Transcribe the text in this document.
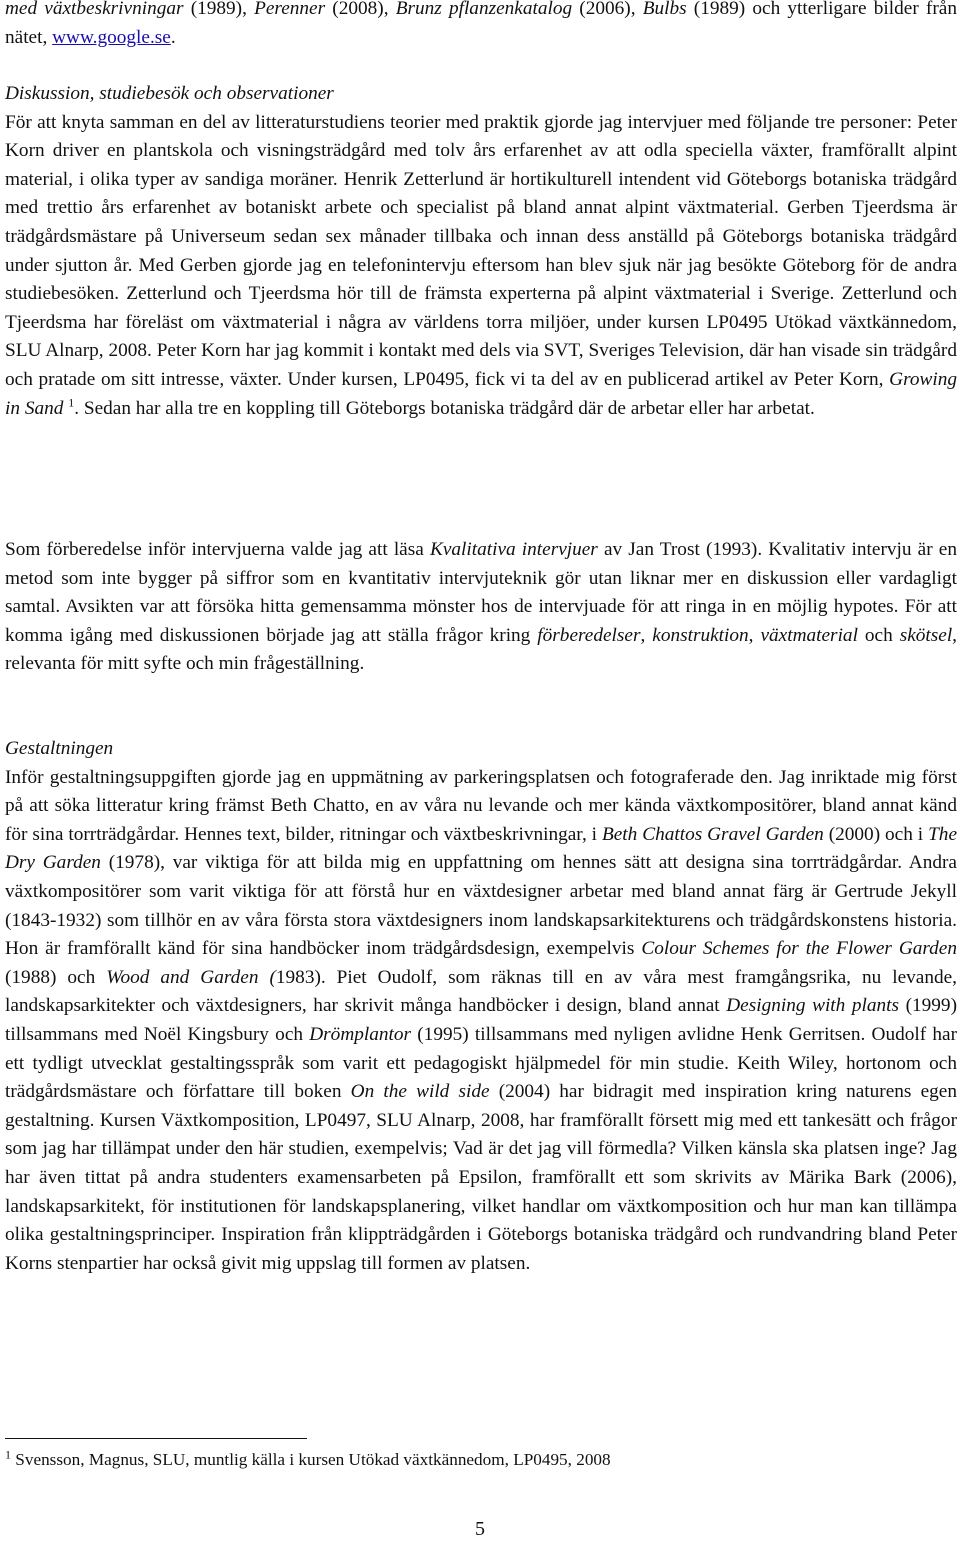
med växtbeskrivningar (1989), Perenner (2008), Brunz pflanzenkatalog (2006), Bulbs (1989) och ytterligare bilder från nätet, www.google.se.

Diskussion, studiebesök och observationer
För att knyta samman en del av litteraturstudiens teorier med praktik gjorde jag intervjuer med följande tre personer: Peter Korn driver en plantskola och visningsträdgård med tolv års erfarenhet av att odla speciella växter, framförallt alpint material, i olika typer av sandiga moräner. Henrik Zetterlund är hortikulturell intendent vid Göteborgs botaniska trädgård med trettio års erfarenhet av botaniskt arbete och specialist på bland annat alpint växtmaterial. Gerben Tjeerdsma är trädgårdsmästare på Universeum sedan sex månader tillbaka och innan dess anställd på Göteborgs botaniska trädgård under sjutton år. Med Gerben gjorde jag en telefonintervju eftersom han blev sjuk när jag besökte Göteborg för de andra studiebesöken. Zetterlund och Tjeerdsma hör till de främsta experterna på alpint växtmaterial i Sverige. Zetterlund och Tjeerdsma har föreläst om växtmaterial i några av världens torra miljöer, under kursen LP0495 Utökad växtkännedom, SLU Alnarp, 2008. Peter Korn har jag kommit i kontakt med dels via SVT, Sveriges Television, där han visade sin trädgård och pratade om sitt intresse, växter. Under kursen, LP0495, fick vi ta del av en publicerad artikel av Peter Korn, Growing in Sand $^1$. Sedan har alla tre en koppling till Göteborgs botaniska trädgård där de arbetar eller har arbetat.

Som förberedelse inför intervjuerna valde jag att läsa Kvalitativa intervjuer av Jan Trost (1993). Kvalitativ intervju är en metod som inte bygger på siffror som en kvantitativ intervjuteknik gör utan liknar mer en diskussion eller vardagligt samtal. Avsikten var att försöka hitta gemensamma mönster hos de intervjuade för att ringa in en möjlig hypotes. För att komma igång med diskussionen började jag att ställa frågor kring förberedelser, konstruktion, växtmaterial och skötsel, relevanta för mitt syfte och min frågeställning.

Gestaltningen
Inför gestaltningsuppgiften gjorde jag en uppmätning av parkeringsplatsen och fotograferade den. Jag inriktade mig först på att söka litteratur kring främst Beth Chatto, en av våra nu levande och mer kända växtkompositörer, bland annat känd för sina torrträdgårdar. Hennes text, bilder, ritningar och växtbeskrivningar, i Beth Chattos Gravel Garden (2000) och i The Dry Garden (1978), var viktiga för att bilda mig en uppfattning om hennes sätt att designa sina torrträdgårdar. Andra växtkompositörer som varit viktiga för att förstå hur en växtdesigner arbetar med bland annat färg är Gertrude Jekyll (1843-1932) som tillhör en av våra första stora växtdesigners inom landskapsarkitekturens och trädgårdskonstens historia. Hon är framförallt känd för sina handböcker inom trädgårdsdesign, exempelvis Colour Schemes for the Flower Garden (1988) och Wood and Garden (1983). Piet Oudolf, som räknas till en av våra mest framgångsrika, nu levande, landskapsarkitekter och växtdesigners, har skrivit många handböcker i design, bland annat Designing with plants (1999) tillsammans med Noël Kingsbury och Drömplantor (1995) tillsammans med nyligen avlidne Henk Gerritsen. Oudolf har ett tydligt utvecklat gestaltingsspråk som varit ett pedagogiskt hjälpmedel för min studie. Keith Wiley, hortonom och trädgårdsmästare och författare till boken On the wild side (2004) har bidragit med inspiration kring naturens egen gestaltning. Kursen Växtkomposition, LP0497, SLU Alnarp, 2008, har framförallt försett mig med ett tankesätt och frågor som jag har tillämpat under den här studien, exempelvis; Vad är det jag vill förmedla? Vilken känsla ska platsen inge? Jag har även tittat på andra studenters examensarbeten på Epsilon, framförallt ett som skrivits av Märika Bark (2006), landskapsarkitekt, för institutionen för landskapsplanering, vilket handlar om växtkomposition och hur man kan tillämpa olika gestaltningsprinciper. Inspiration från klippträdgården i Göteborgs botaniska trädgård och rundvandring bland Peter Korns stenpartier har också givit mig uppslag till formen av platsen.

$^1$ Svensson, Magnus, SLU, muntlig källa i kursen Utökad växtkännedom, LP0495, 2008
5
